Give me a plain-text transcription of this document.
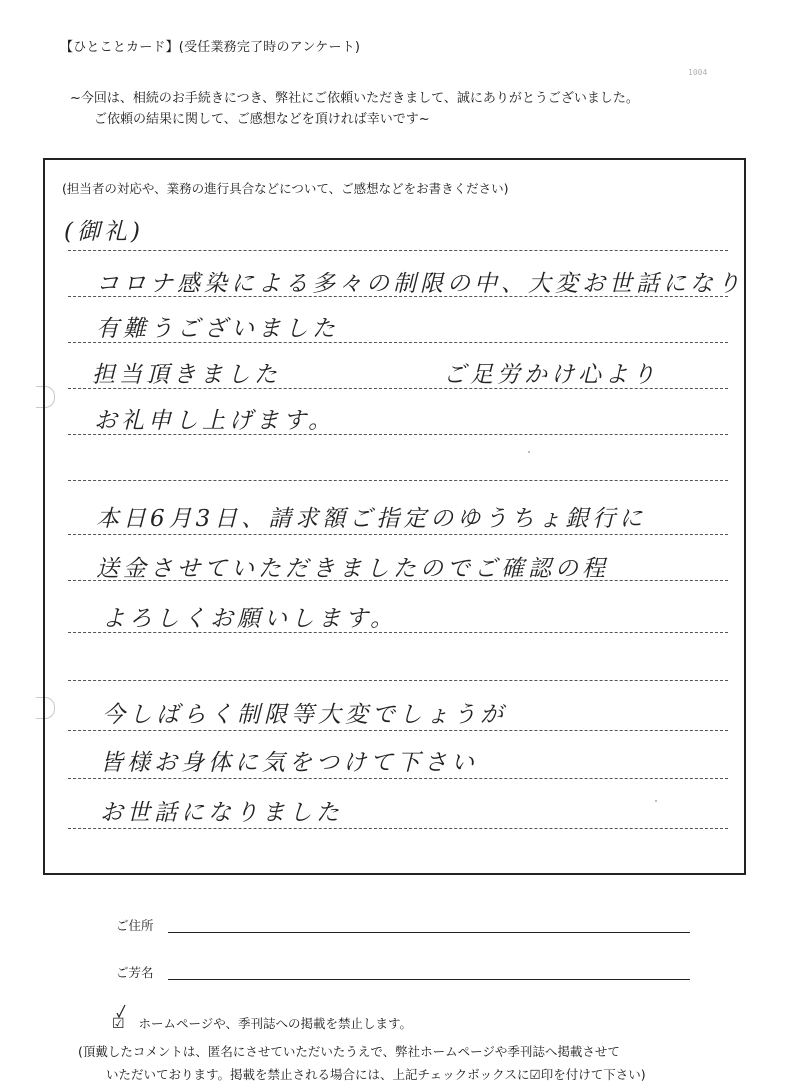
【ひとことカード】(受任業務完了時のアンケート)
1004
~今回は、相続のお手続きにつき、弊社にご依頼いただきまして、誠にありがとうございました。
ご依頼の結果に関して、ご感想などを頂ければ幸いです~
(担当者の対応や、業務の進行具合などについて、ご感想などをお書きください)
(御礼)
コロナ感染による多々の制限の中、大変お世話になり
有難うございました
担当頂きました　　　　　　ご足労かけ心より
お礼申し上げます。
本日6月3日、請求額ご指定のゆうちょ銀行に
送金させていただきましたのでご確認の程
よろしくお願いします。
今しばらく制限等大変でしょうが
皆様お身体に気をつけて下さい
お世話になりました
ご住所
ご芳名
☑ ホームページや、季刊誌への掲載を禁止します。
(頂戴したコメントは、匿名にさせていただいたうえで、弊社ホームページや季刊誌へ掲載させて
いただいております。掲載を禁止される場合には、上記チェックボックスに☑印を付けて下さい)
